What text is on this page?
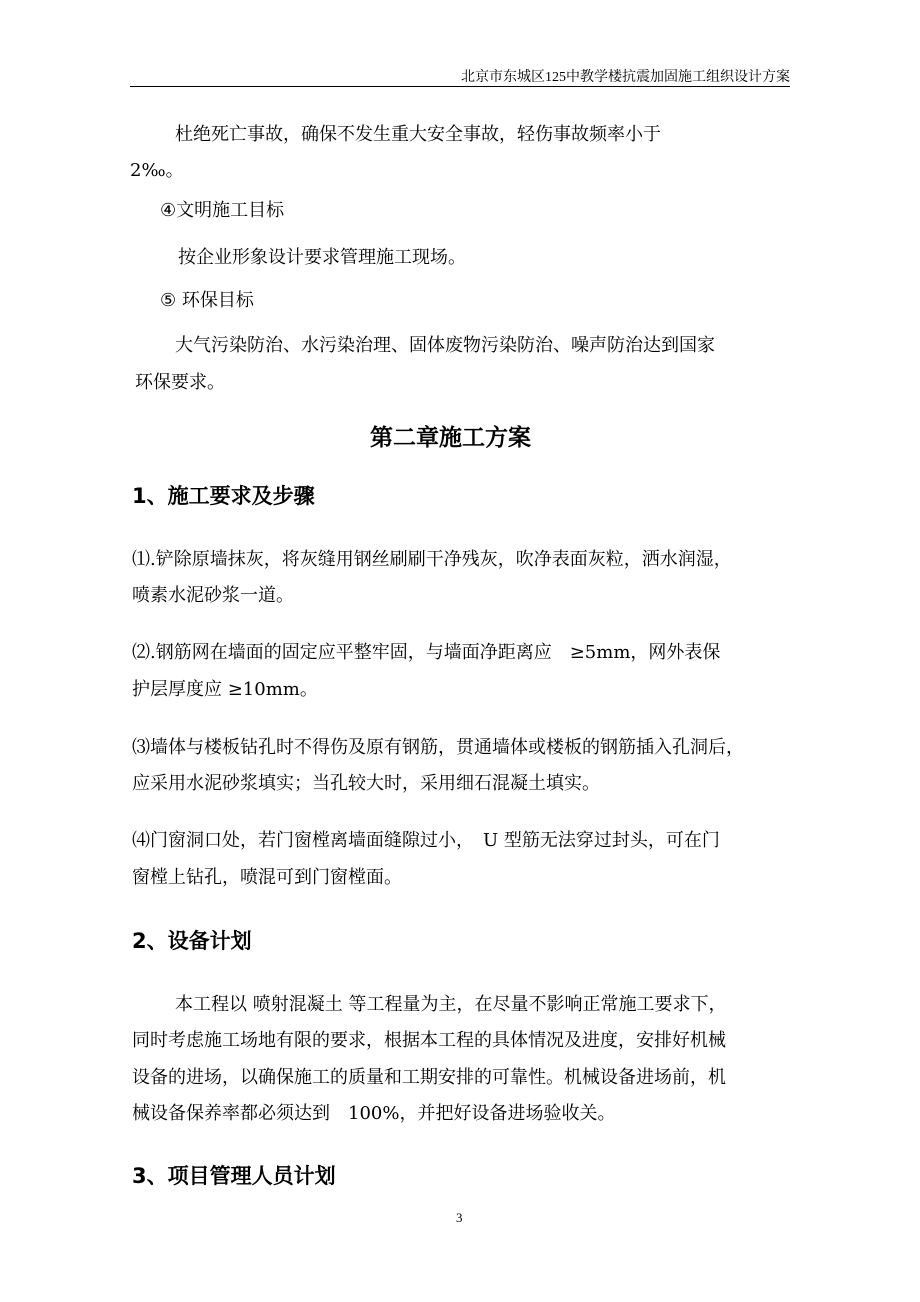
北京市东城区125中教学楼抗震加固施工组织设计方案
杜绝死亡事故，确保不发生重大安全事故，轻伤事故频率小于
2‰。
④文明施工目标
按企业形象设计要求管理施工现场。
⑤ 环保目标
大气污染防治、水污染治理、固体废物污染防治、噪声防治达到国家
环保要求。
第二章施工方案
1、施工要求及步骤
⑴.铲除原墙抹灰，将灰缝用钢丝刷刷干净残灰，吹净表面灰粒，洒水润湿，
喷素水泥砂浆一道。
⑵.钢筋网在墙面的固定应平整牢固，与墙面净距离应　≥5mm，网外表保
护层厚度应 ≥10mm。
⑶墙体与楼板钻孔时不得伤及原有钢筋，贯通墙体或楼板的钢筋插入孔洞后，
应采用水泥砂浆填实；当孔较大时，采用细石混凝土填实。
⑷门窗洞口处，若门窗樘离墙面缝隙过小，　U 型筋无法穿过封头，可在门
窗樘上钻孔，喷混可到门窗樘面。
2、设备计划
本工程以 喷射混凝土 等工程量为主，在尽量不影响正常施工要求下，
同时考虑施工场地有限的要求，根据本工程的具体情况及进度，安排好机械
设备的进场，以确保施工的质量和工期安排的可靠性。机械设备进场前，机
械设备保养率都必须达到　100%，并把好设备进场验收关。
3、项目管理人员计划
3
